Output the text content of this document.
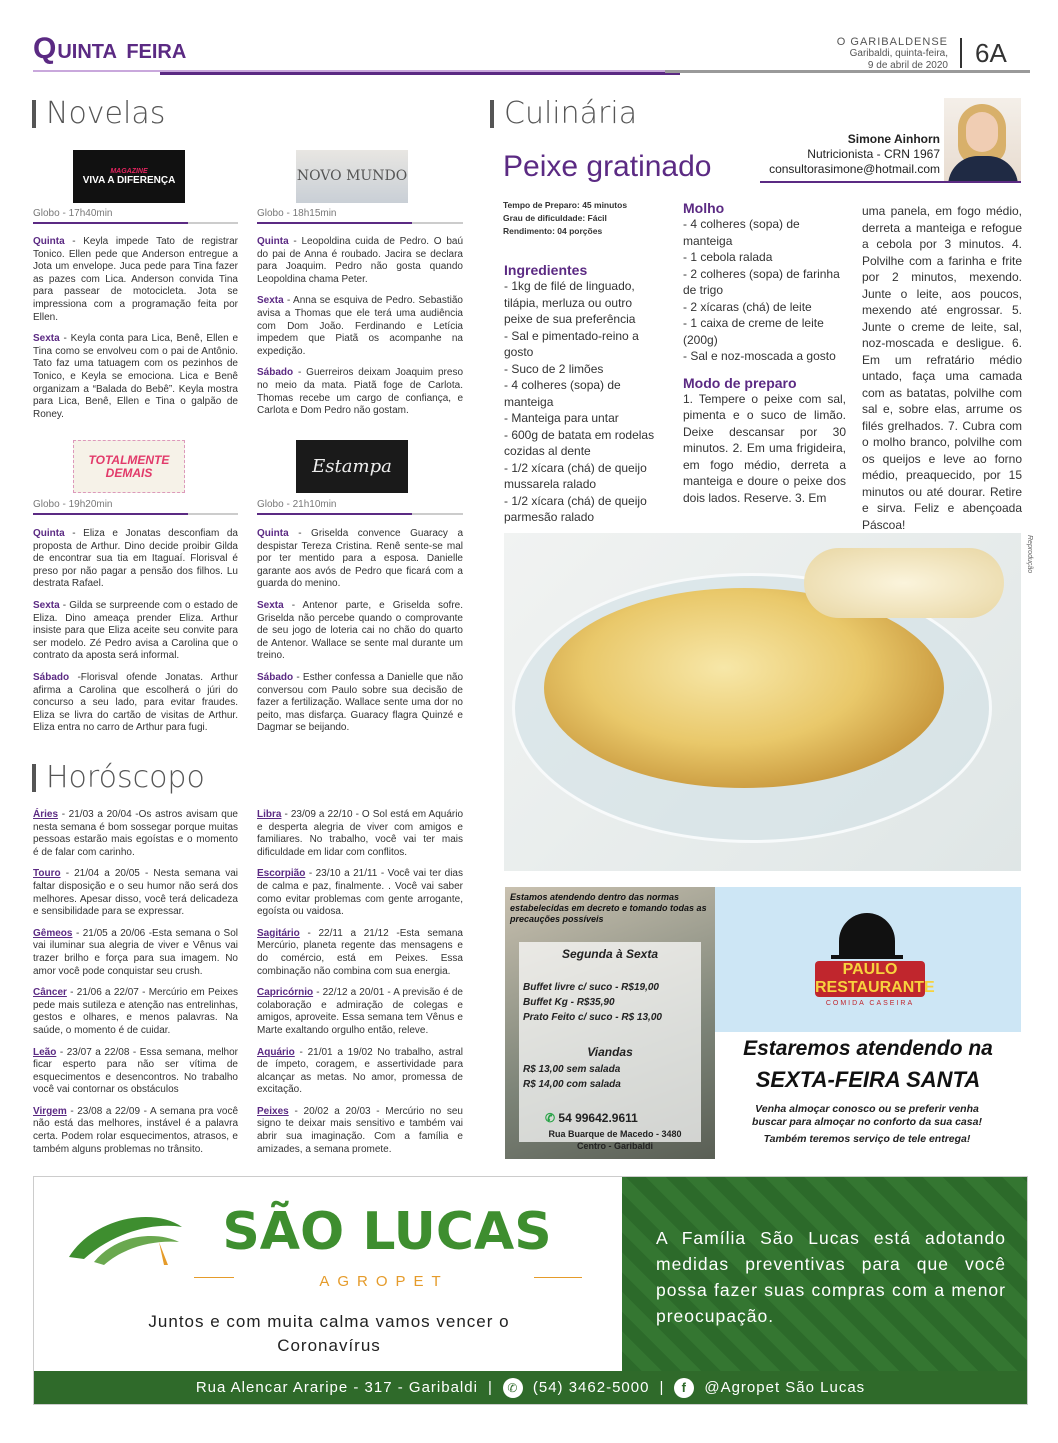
QUINTA FEIRA	O GARIBALDENSE
Garibaldi, quinta-feira,
9 de abril de 2020 6A
Novelas
MAGAZINE
VIVA A DIFERENÇA
Globo - 17h40min

Quinta - Keyla impede Tato de registrar Tonico. Ellen pede que Anderson entregue a Jota um envelope. Juca pede para Tina fazer as pazes com Lica. Anderson convida Tina para passear de motocicleta. Jota se impressiona com a programação feita por Ellen.

Sexta - Keyla conta para Lica, Benê, Ellen e Tina como se envolveu com o pai de Antônio. Tato faz uma tatuagem com os pezinhos de Tonico, e Keyla se emociona. Lica e Benê organizam a “Balada do Bebê”. Keyla mostra para Lica, Benê, Ellen e Tina o galpão de Roney.

NOVO MUNDO
Globo - 18h15min

Quinta - Leopoldina cuida de Pedro. O baú do pai de Anna é roubado. Jacira se declara para Joaquim. Pedro não gosta quando Leopoldina chama Peter.

Sexta - Anna se esquiva de Pedro. Sebastião avisa a Thomas que ele terá uma audiência com Dom João. Ferdinando e Letícia impedem que Piatã os acompanhe na expedição.

Sábado - Guerreiros deixam Joaquim preso no meio da mata. Piatã foge de Carlota. Thomas recebe um cargo de confiança, e Carlota e Dom Pedro não gostam.

TOTALMENTE DEMAIS
Globo - 19h20min

Quinta - Eliza e Jonatas desconfiam da proposta de Arthur. Dino decide proibir Gilda de encontrar sua tia em Itaguaí. Florisval é preso por não pagar a pensão dos filhos. Lu destrata Rafael.

Sexta - Gilda se surpreende com o estado de Eliza. Dino ameaça prender Eliza. Arthur insiste para que Eliza aceite seu convite para ser modelo. Zé Pedro avisa a Carolina que o contrato da aposta será informal.

Sábado -Florisval ofende Jonatas. Arthur afirma a Carolina que escolherá o júri do concurso a seu lado, para evitar fraudes. Eliza se livra do cartão de visitas de Arthur. Eliza entra no carro de Arthur para fugi.

Estampa
Globo - 21h10min

Quinta - Griselda convence Guaracy a despistar Tereza Cristina. Renê sente-se mal por ter mentido para a esposa. Danielle garante aos avós de Pedro que ficará com a guarda do menino.

Sexta - Antenor parte, e Griselda sofre. Griselda não percebe quando o comprovante de seu jogo de loteria cai no chão do quarto de Antenor. Wallace se sente mal durante um treino.

Sábado - Esther confessa a Danielle que não conversou com Paulo sobre sua decisão de fazer a fertilização. Wallace sente uma dor no peito, mas disfarça. Guaracy flagra Quinzé e Dagmar se beijando.

Horóscopo

Áries - 21/03 a 20/04 -Os astros avisam que nesta semana é bom sossegar porque muitas pessoas estarão mais egoístas e o momento é de falar com carinho.

Touro - 21/04 a 20/05 - Nesta semana vai faltar disposição e o seu humor não será dos melhores. Apesar disso, você terá delicadeza e sensibilidade para se expressar.

Gêmeos - 21/05 a 20/06 -Esta semana o Sol vai iluminar sua alegria de viver e Vênus vai trazer brilho e força para sua imagem. No amor você pode conquistar seu crush.

Câncer - 21/06 a 22/07 - Mercúrio em Peixes pede mais sutileza e atenção nas entrelinhas, gestos e olhares, e menos palavras. Na saúde, o momento é de cuidar.

Leão - 23/07 a 22/08 - Essa semana, melhor ficar esperto para não ser vítima de esquecimentos e desencontros. No trabalho você vai contornar os obstáculos

Virgem - 23/08 a 22/09 - A semana pra você não está das melhores, instável é a palavra certa. Podem rolar esquecimentos, atrasos, e também alguns problemas no trânsito.

Libra - 23/09 a 22/10 - O Sol está em Aquário e desperta alegria de viver com amigos e familiares. No trabalho, você vai ter mais dificuldade em lidar com conflitos.

Escorpião - 23/10 a 21/11 - Você vai ter dias de calma e paz, finalmente. . Você vai saber como evitar problemas com gente arrogante, egoísta ou vaidosa.

Sagitário - 22/11 a 21/12 -Esta semana Mercúrio, planeta regente das mensagens e do comércio, está em Peixes. Essa combinação não combina com sua energia.

Capricórnio - 22/12 a 20/01 - A previsão é de colaboração e admiração de colegas e amigos, aproveite. Essa semana tem Vênus e Marte exaltando orgulho então, releve.

Aquário - 21/01 a 19/02 No trabalho, astral de ímpeto, coragem, e assertividade para alcançar as metas. No amor, promessa de excitação.

Peixes - 20/02 a 20/03 - Mercúrio no seu signo te deixar mais sensitivo e também vai abrir sua imaginação. Com a família e amizades, a semana promete.

Culinária
Simone Ainhorn
Nutricionista - CRN 1967
consultorasimone@hotmail.com
Peixe gratinado
Tempo de Preparo: 45 minutos
Grau de dificuldade: Fácil
Rendimento: 04 porções
Ingredientes
- 1kg de filé de linguado, tilápia, merluza ou outro peixe de sua preferência
- Sal e pimentado-reino a gosto
- Suco de 2 limões
- 4 colheres (sopa) de manteiga
- Manteiga para untar
- 600g de batata em rodelas cozidas al dente
- 1/2 xícara (chá) de queijo mussarela ralado
- 1/2 xícara (chá) de queijo parmesão ralado
Molho
- 4 colheres (sopa) de manteiga
- 1 cebola ralada
- 2 colheres (sopa) de farinha de trigo
- 2 xícaras (chá) de leite
- 1 caixa de creme de leite (200g)
- Sal e noz-moscada a gosto
Modo de preparo
1. Tempere o peixe com sal, pimenta e o suco de limão. Deixe descansar por 30 minutos. 2. Em uma frigideira, em fogo médio, derreta a manteiga e doure o peixe dos dois lados. Reserve. 3. Em
uma panela, em fogo médio, derreta a manteiga e refogue a cebola por 3 minutos. 4. Polvilhe com a farinha e frite por 2 minutos, mexendo. Junte o leite, aos poucos, mexendo até engrossar. 5. Junte o creme de leite, sal, noz-moscada e desligue. 6. Em um refratário médio untado, faça uma camada com as batatas, polvilhe com sal e, sobre elas, arrume os filés grelhados. 7. Cubra com o molho branco, polvilhe com os queijos e leve ao forno médio, preaquecido, por 15 minutos ou até dourar. Retire e sirva. Feliz e abençoada Páscoa!
Reprodução
Estamos atendendo dentro das normas estabelecidas em decreto e tomando todas as precauções possíveis
Segunda à Sexta
Buffet livre c/ suco - R$19,00
Buffet Kg - R$35,90
Prato Feito c/ suco - R$ 13,00
Viandas
R$ 13,00 sem salada
R$ 14,00 com salada
✆ 54 99642.9611
Rua Buarque de Macedo - 3480
Centro - Garibaldi
PAULO
RESTAURANTE
COMIDA CASEIRA
Estaremos atendendo na
SEXTA-FEIRA SANTA
Venha almoçar conosco ou se preferir venha
buscar para almoçar no conforto da sua casa!
Também teremos serviço de tele entrega!
SÃO LUCAS
AGROPET
Juntos e com muita calma vamos vencer o
Coronavírus
A Família São Lucas está adotando medidas preventivas para que você possa fazer suas compras com a menor preocupação.
Rua Alencar Araripe - 317 - Garibaldi |	✆ (54) 3462-5000 |	f	@Agropet São Lucas
